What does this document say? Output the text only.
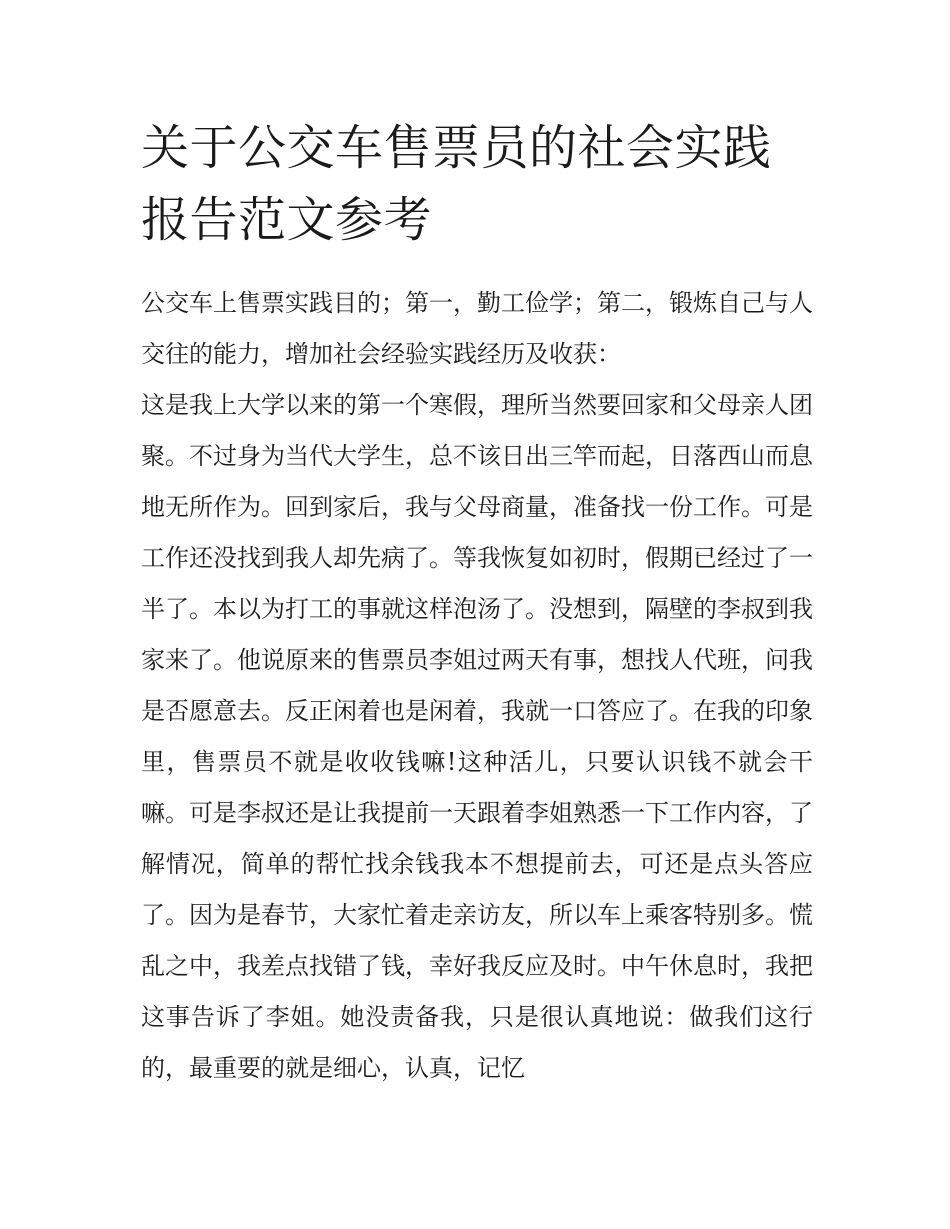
关于公交车售票员的社会实践报告范文参考

公交车上售票实践目的；第一，勤工俭学；第二，锻炼自己与人交往的能力，增加社会经验实践经历及收获：

这是我上大学以来的第一个寒假，理所当然要回家和父母亲人团聚。不过身为当代大学生，总不该日出三竿而起，日落西山而息地无所作为。回到家后，我与父母商量，准备找一份工作。可是工作还没找到我人却先病了。等我恢复如初时，假期已经过了一半了。本以为打工的事就这样泡汤了。没想到，隔壁的李叔到我家来了。他说原来的售票员李姐过两天有事，想找人代班，问我是否愿意去。反正闲着也是闲着，我就一口答应了。在我的印象里，售票员不就是收收钱嘛!这种活儿，只要认识钱不就会干嘛。可是李叔还是让我提前一天跟着李姐熟悉一下工作内容，了解情况，简单的帮忙找余钱我本不想提前去，可还是点头答应了。因为是春节，大家忙着走亲访友，所以车上乘客特别多。慌乱之中，我差点找错了钱，幸好我反应及时。中午休息时，我把这事告诉了李姐。她没责备我，只是很认真地说：做我们这行的，最重要的就是细心，认真，记忆
